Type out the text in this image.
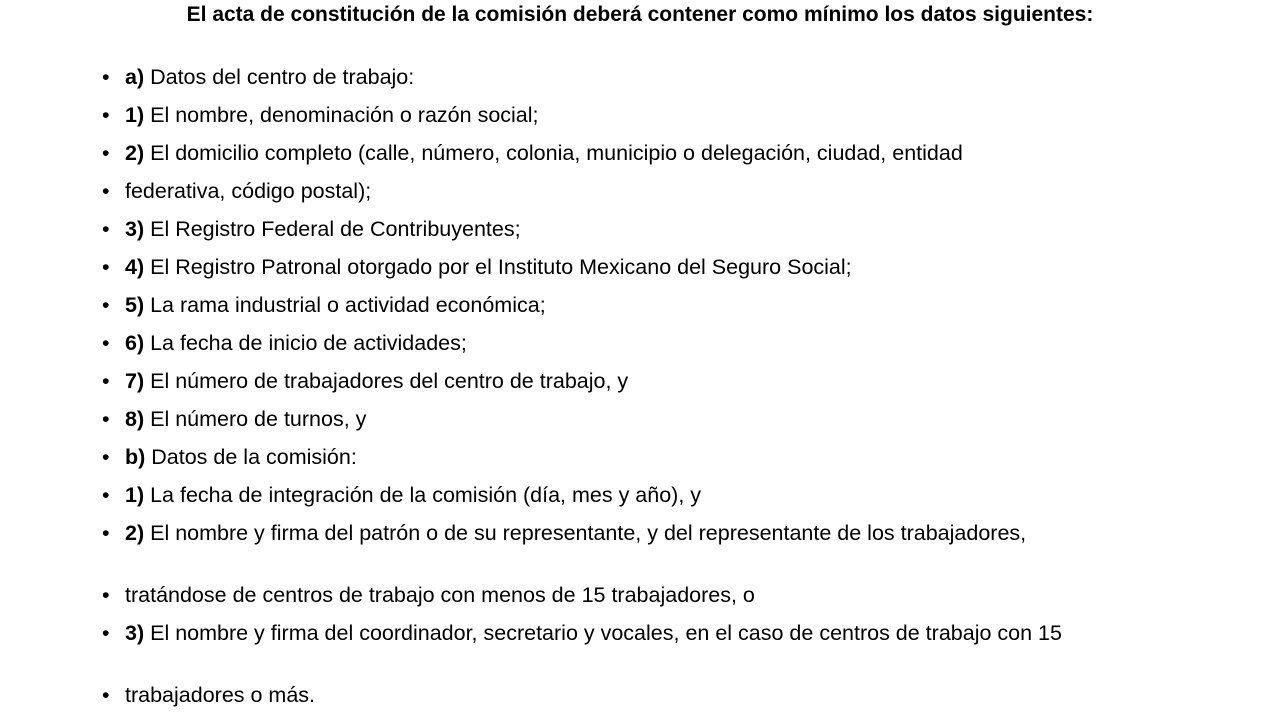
El acta de constitución de la comisión deberá contener como mínimo los datos siguientes:
• a) Datos del centro de trabajo:
• 1) El nombre, denominación o razón social;
• 2) El domicilio completo (calle, número, colonia, municipio o delegación, ciudad, entidad
• federativa, código postal);
• 3) El Registro Federal de Contribuyentes;
• 4) El Registro Patronal otorgado por el Instituto Mexicano del Seguro Social;
• 5) La rama industrial o actividad económica;
• 6) La fecha de inicio de actividades;
• 7) El número de trabajadores del centro de trabajo, y
• 8) El número de turnos, y
• b) Datos de la comisión:
• 1) La fecha de integración de la comisión (día, mes y año), y
• 2) El nombre y firma del patrón o de su representante, y del representante de los trabajadores,
• tratándose de centros de trabajo con menos de 15 trabajadores, o
• 3) El nombre y firma del coordinador, secretario y vocales, en el caso de centros de trabajo con 15
• trabajadores o más.
